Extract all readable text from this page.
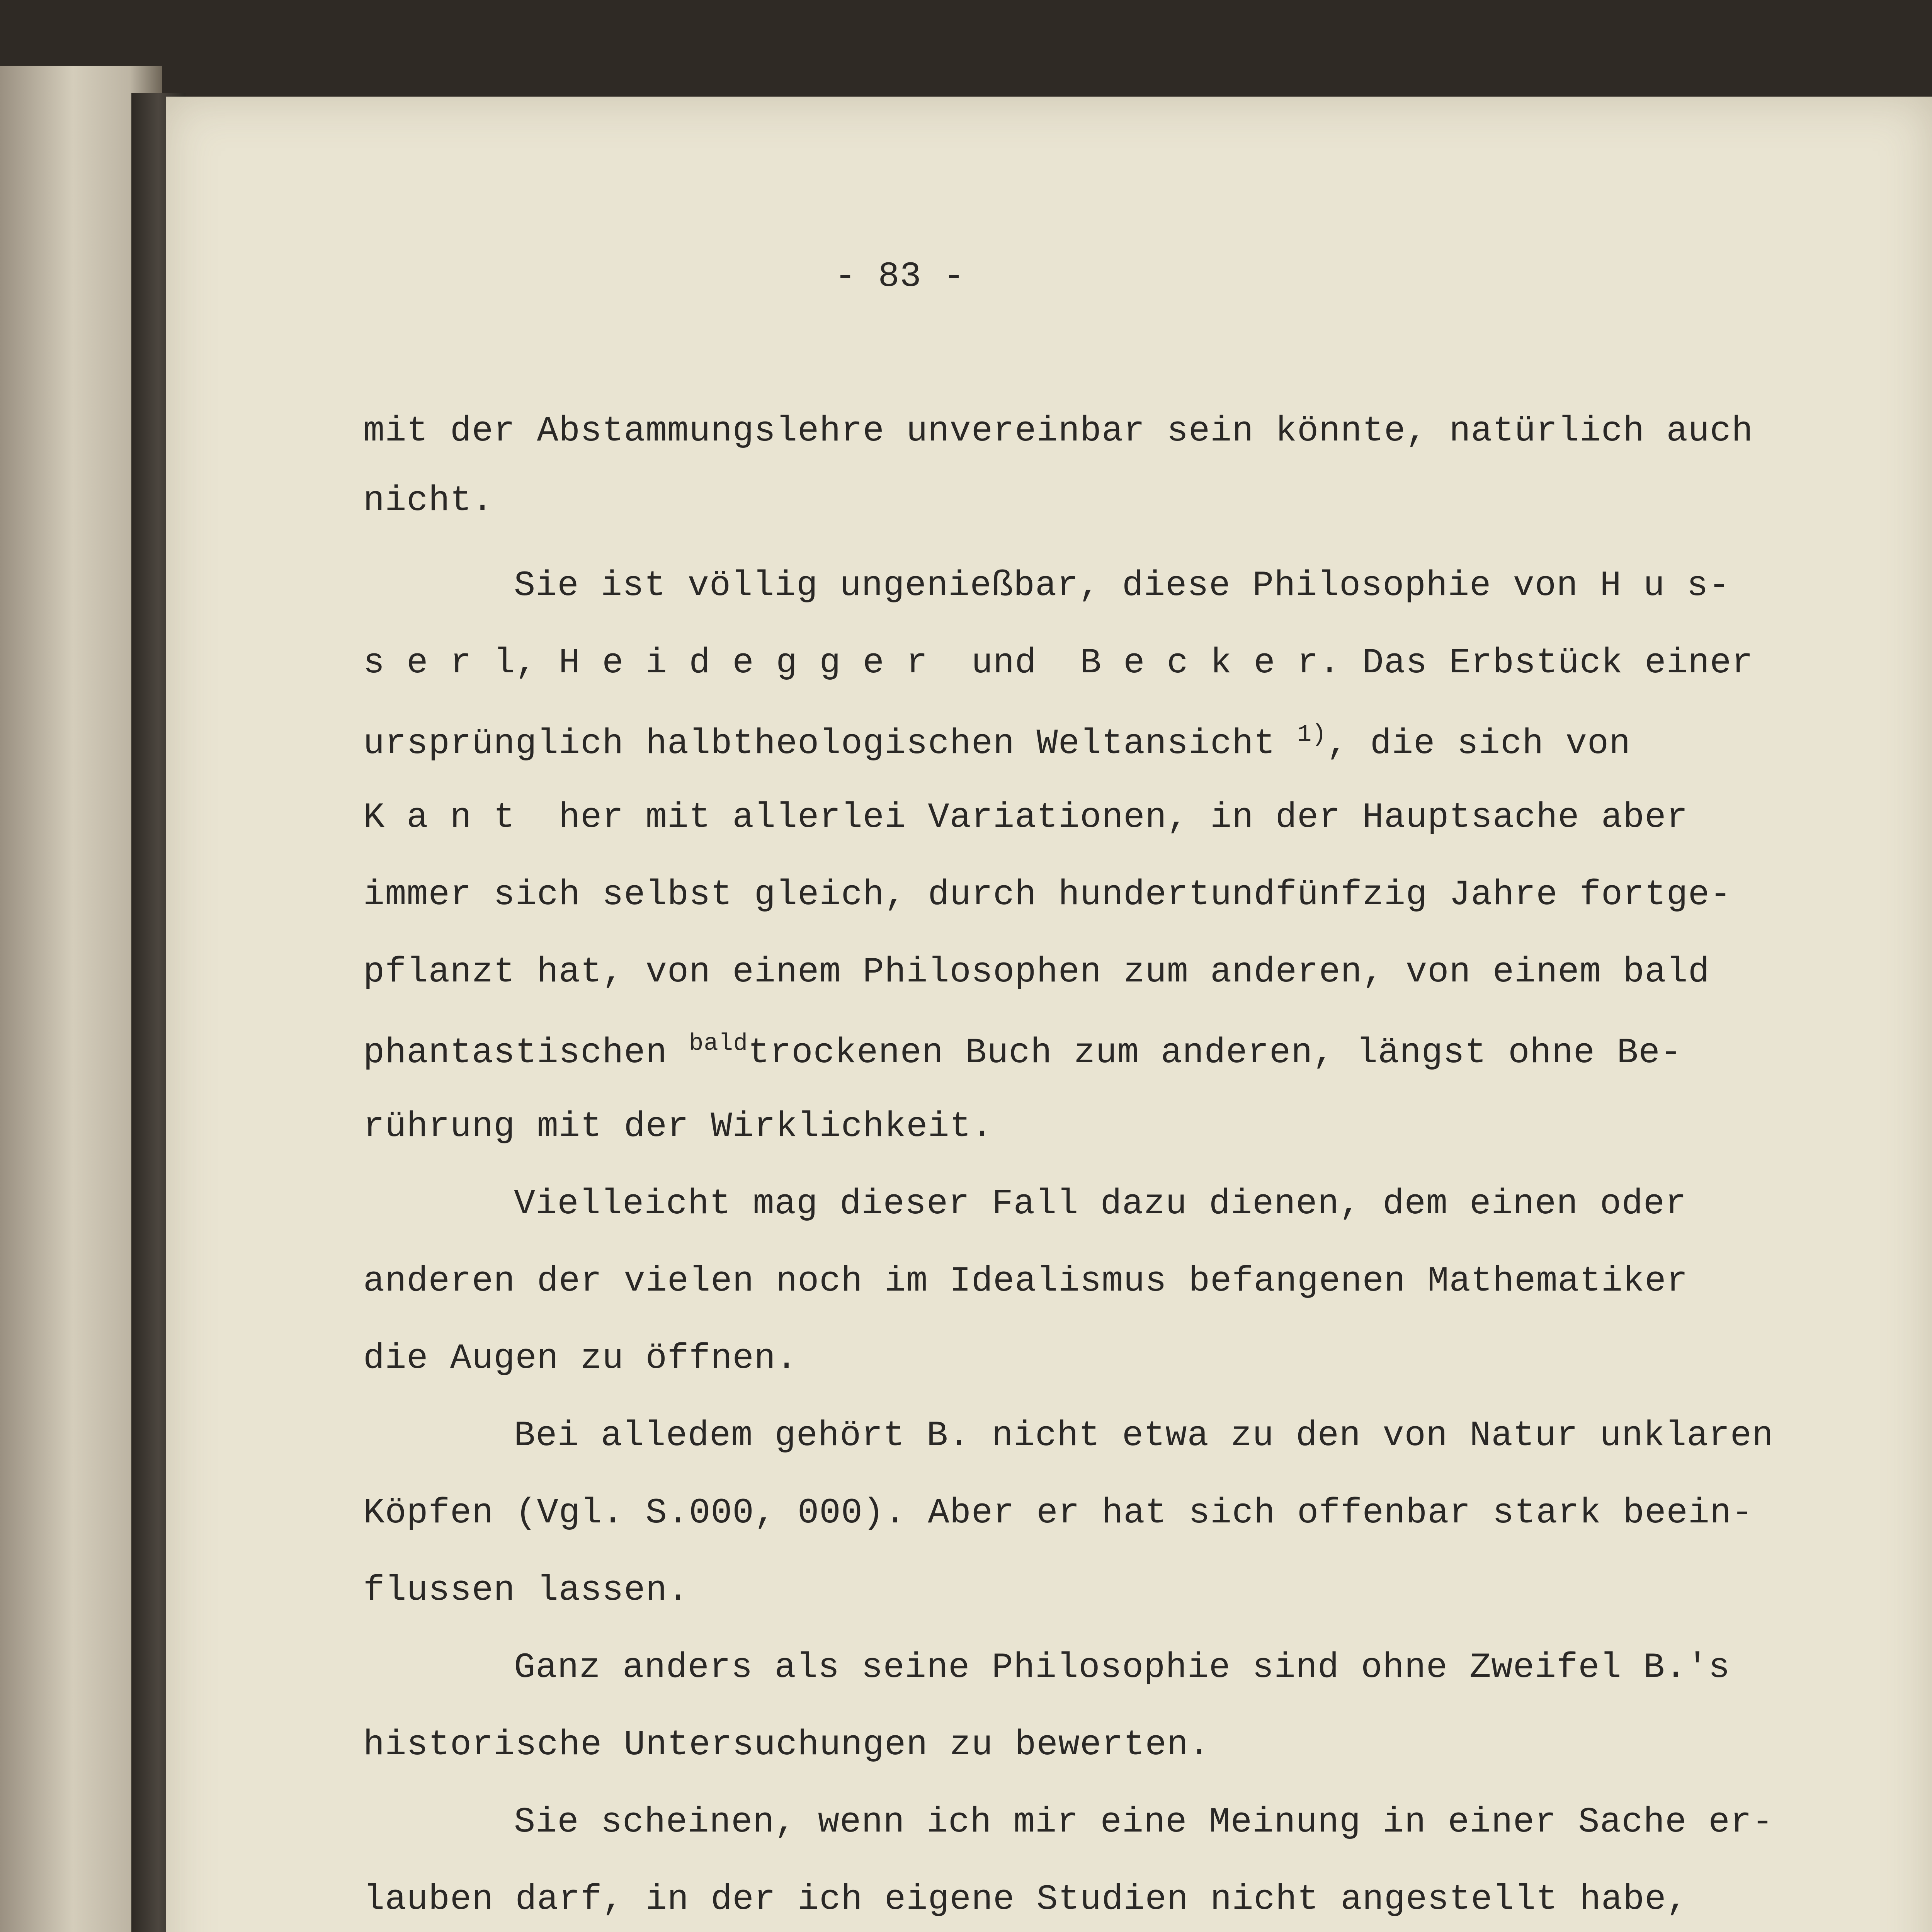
- 83 -

mit der Abstammungslehre unvereinbar sein könnte, natürlich auch

nicht.

Sie ist völlig ungenießbar, diese Philosophie von H u s-

s e r l, H e i d e g g e r  und  B e c k e r. Das Erbstück einer

ursprünglich halbtheologischen Weltansicht $^{1)}$, die sich von

K a n t  her mit allerlei Variationen, in der Hauptsache aber

immer sich selbst gleich, durch hundertundfünfzig Jahre fortge-

pflanzt hat, von einem Philosophen zum anderen, von einem bald

phantastischen $^{bald}$trockenen Buch zum anderen, längst ohne Be-

rührung mit der Wirklichkeit.

Vielleicht mag dieser Fall dazu dienen, dem einen oder

anderen der vielen noch im Idealismus befangenen Mathematiker

die Augen zu öffnen.

Bei alledem gehört B. nicht etwa zu den von Natur unklaren

Köpfen (Vgl. S.000, 000). Aber er hat sich offenbar stark beein-

flussen lassen.

Ganz anders als seine Philosophie sind ohne Zweifel B.'s

historische Untersuchungen zu bewerten.

Sie scheinen, wenn ich mir eine Meinung in einer Sache er-

lauben darf, in der ich eigene Studien nicht angestellt habe,
